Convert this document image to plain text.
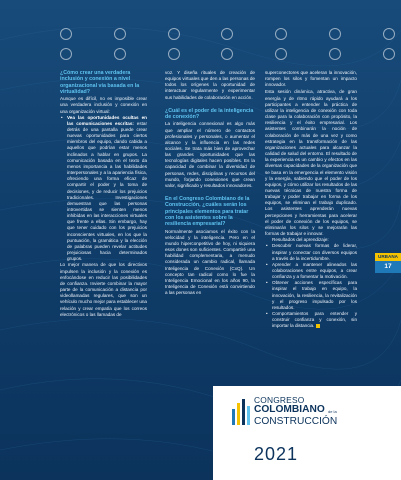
¿Cómo crear una verdadera inclusión y conexión a nivel organizacional vía basada en la virtualidad?

Aunque es difícil, no es imposible crear una verdadera inclusión y conexión en una organización virtual:

• Vea las oportunidades ocultas en las comunicaciones escritas: estar detrás de una pantalla puede crear nuevas oportunidades para ciertos miembros del equipo, dando cabida a aquellos que podrían estar menos inclinados a hablar en grupos. La comunicación basada en el texto da menos importancia a las habilidades interpersonales y a la apariencia física, ofreciendo una forma eficaz de compartir el poder y la toma de decisiones, y de reducir los prejuicios tradicionales. Investigaciones demuestran que las personas introvertidas se sienten menos inhibidas en las interacciones virtuales que frente a ellas. Sin embargo, hay que tener cuidado con los prejuicios inconscientes virtuales, en los que la puntuación, la gramática y la elección de palabras pueden revelar actitudes prejuiciosas hacia determinados grupos.

Lo mejor manera de que los directivos impulsen la inclusión y la conexión es enfocándose en reducir las posibilidades de confianza. Invierte combinar la mayor parte de la comunicación a distancia por videollamadas regulares, que son un vehículo mucho mejor para establecer una relación y crear empatía que los correos electrónicos o las llamadas de

voz. Y diseña rituales de creación de equipos virtuales que den a las personas de todos los orígenes la oportunidad de interactuar regularmente y experimentar sus habilidades de colaboración en acción.

¿Cuál es el poder de la inteligencia de conexión?

La inteligencia connexional es algo más que ampliar el número de contactos profesionales y personales, o aumentar el alcance y la influencia en las redes sociales. Se trata más bien de aprovechar las grandes oportunidades que las tecnologías digitales hacen posibles. Es la capacidad de combinar la diversidad de personas, redes, disciplinas y recursos del mundo, forjando conexiones que crean valor, significado y resultados innovadores.

En el Congreso Colombiano de la Construcción, ¿cuáles serán los principales elementos para tratar con los asistentes sobre la resiliencia empresarial?

Normalmente asociamos el éxito con la velocidad y la inteligencia. Pero en el mundo hiperconpetitivo de hoy, ni siquiera esos dones son suficientes. Compartiré una habilidad complementaria, a menudo considerada un cambio radical, llamada Inteligencia de Conexión (CxQ). Un concepto tan radical como lo fue la Inteligencia Emocional en los años 90, la Inteligencia de Conexión está convirtiendo a las personas en

superconectores que aceleran la innovación, rompen los silos y fomentan un impacto innovador.

Esta sesión dinámica, atractiva, de gran energía y de ritmo rápido ayudará a los participantes a entender la práctica de utilizar la inteligencia de conexión con toda clase para la colaboración con propósito, la resiliencia y el éxito empresarial. Los asistentes combinarán la noción de colaboración de más de una vez y como estrategia en la transformación de las organizaciones actuales para alcanzar la calidad de salud del entorno. El resultado de la experiencia es un cambio y efectos en las diversas capacidades de la organización que se basa en la emergencia el elemento visión y la energía, sabiendo que el poder de los equipos, y cómo utilizar los resultados de las nuevas técnicas de nuestra forma de trabajar y poder trabajar en forma de los equipos, se eliminan el trabajo duplicado. Los asistentes aprenderán nuevas percepciones y herramientas para acelerar el poder de conexión de los equipos, se eliminarán los silos y se mejorarán las formas de trabajar e innovar.

Resultados del aprendizaje:

• Descubrir nuevas formas de liderar, inspirar y conectar con diversos equipos a través de la incertidumbre.

• Aprender a mantener alineados las colaboraciones entre equipos, a crear confianza y a fomentar la motivación.

• Obtener acciones específicas para inspirar el trabajo en equipo, la innovación, la resiliencia, la revitalización y el progreso impulsado por los resultados.

• Comportamientos para entender y construir confianza y conexión, sin importar la distancia.

URBANA
17
CONGRESO
COLOMBIANO de la
CONSTRUCCIÓN
2021
